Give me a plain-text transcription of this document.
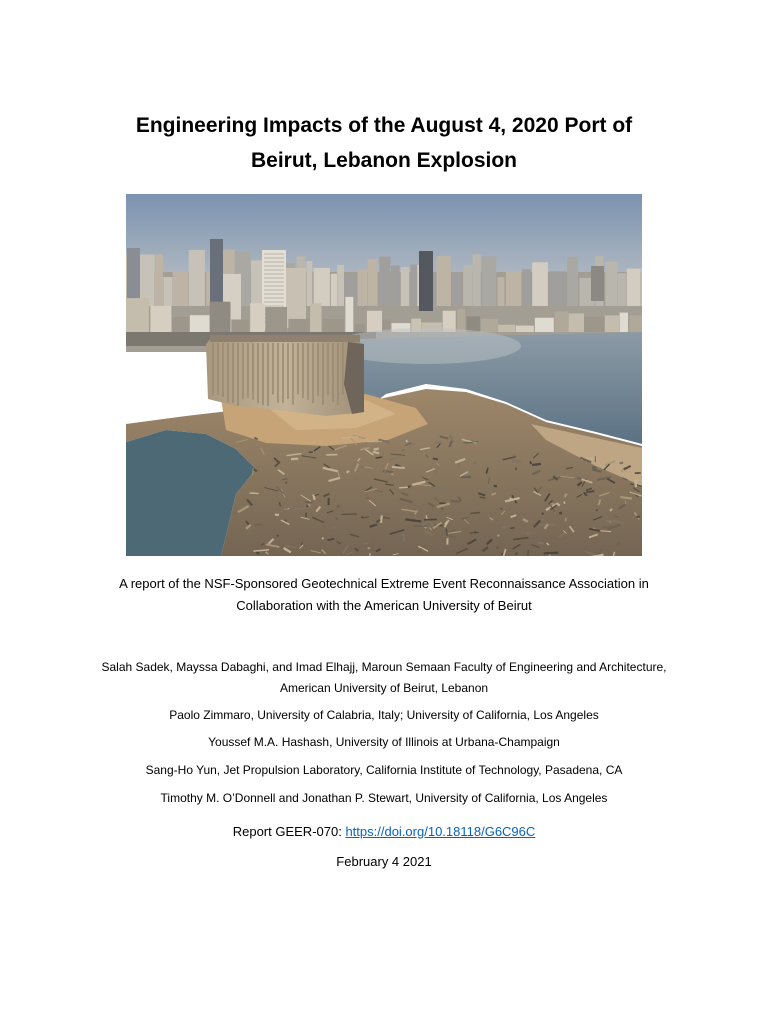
Engineering Impacts of the August 4, 2020 Port of
Beirut, Lebanon Explosion
A report of the NSF-Sponsored Geotechnical Extreme Event Reconnaissance Association in
Collaboration with the American University of Beirut
Salah Sadek, Mayssa Dabaghi, and Imad Elhajj, Maroun Semaan Faculty of Engineering and Architecture,
American University of Beirut, Lebanon
Paolo Zimmaro, University of Calabria, Italy; University of California, Los Angeles
Youssef M.A. Hashash, University of Illinois at Urbana-Champaign
Sang-Ho Yun, Jet Propulsion Laboratory, California Institute of Technology, Pasadena, CA
Timothy M. O’Donnell and Jonathan P. Stewart, University of California, Los Angeles
Report GEER-070: https://doi.org/10.18118/G6C96C
February 4 2021
